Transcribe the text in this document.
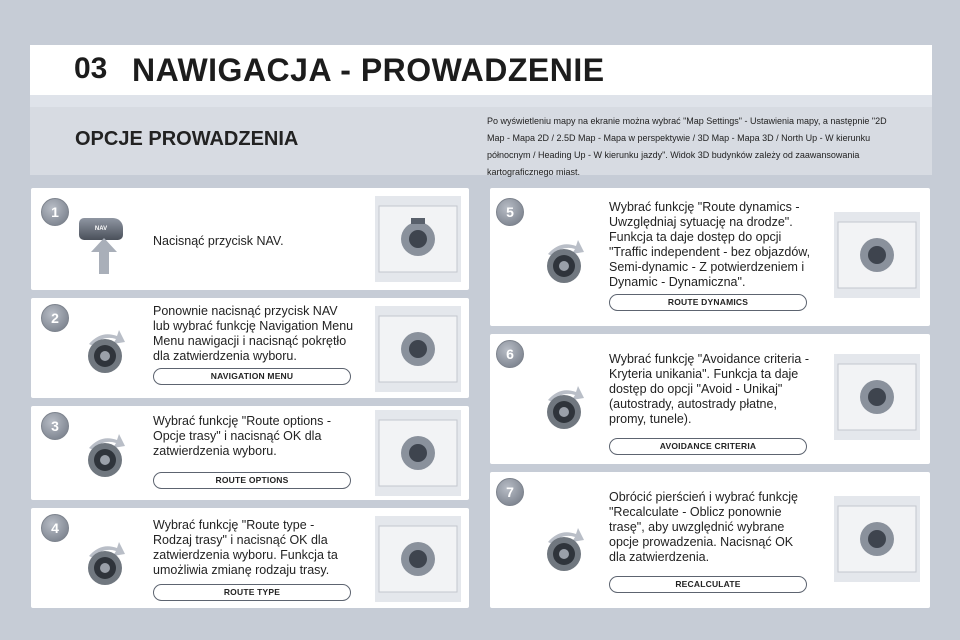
03 NAWIGACJA - PROWADZENIE
OPCJE PROWADZENIA
Po wyświetleniu mapy na ekranie można wybrać "Map Settings" - Ustawienia mapy, a następnie "2D
Map - Mapa 2D / 2.5D Map - Mapa w perspektywie / 3D Map - Mapa 3D / North Up - W kierunku
północnym / Heading Up - W kierunku jazdy". Widok 3D budynków zależy od zaawansowania
kartograficznego miast.
1
NAV
Nacisnąć przycisk NAV.
2	Ponownie nacisnąć przycisk NAV
lub wybrać funkcję Navigation Menu
Menu nawigacji i nacisnąć pokrętło
dla zatwierdzenia wyboru.
NAVIGATION MENU
3	Wybrać funkcję "Route options -
Opcje trasy" i nacisnąć OK dla
zatwierdzenia wyboru.
ROUTE OPTIONS
4	Wybrać funkcję "Route type -
Rodzaj trasy" i nacisnąć OK dla
zatwierdzenia wyboru. Funkcja ta
umożliwia zmianę rodzaju trasy.
ROUTE TYPE
5	Wybrać funkcję "Route dynamics -
Uwzględniaj sytuację na drodze".
Funkcja ta daje dostęp do opcji
"Traffic independent - bez objazdów,
Semi-dynamic - Z potwierdzeniem i
Dynamic - Dynamiczna".
ROUTE DYNAMICS
6	Wybrać funkcję "Avoidance criteria -
Kryteria unikania". Funkcja ta daje
dostęp do opcji "Avoid - Unikaj"
(autostrady, autostrady płatne,
promy, tunele).
AVOIDANCE CRITERIA
7	Obrócić pierścień i wybrać funkcję
"Recalculate - Oblicz ponownie
trasę", aby uwzględnić wybrane
opcje prowadzenia. Nacisnąć OK
dla zatwierdzenia.
RECALCULATE
